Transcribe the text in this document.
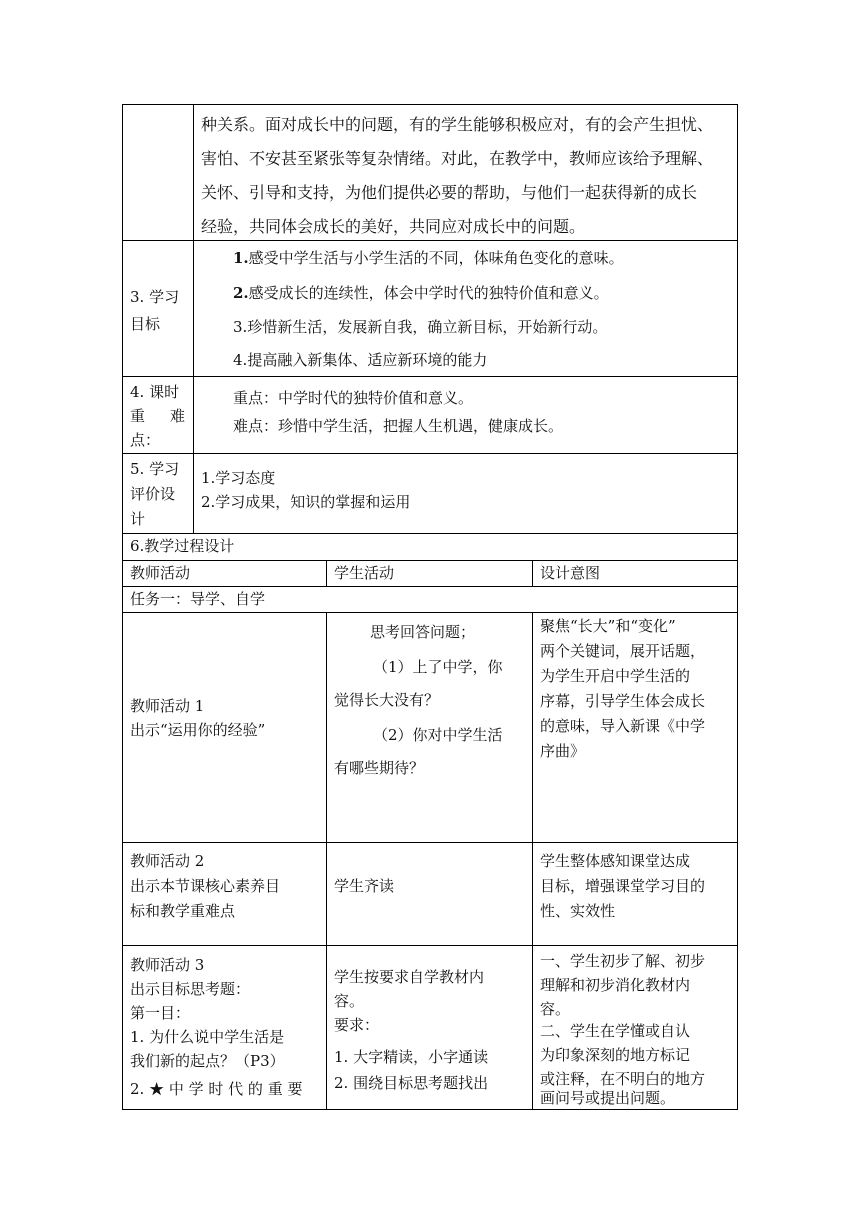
种关系。面对成长中的问题，有的学生能够积极应对，有的会产生担忧、
害怕、不安甚至紧张等复杂情绪。对此，在教学中，教师应该给予理解、
关怀、引导和支持，为他们提供必要的帮助，与他们一起获得新的成长
经验，共同体会成长的美好，共同应对成长中的问题。
3. 学习
目标
1.感受中学生活与小学生活的不同，体味角色变化的意味。
2.感受成长的连续性，体会中学时代的独特价值和意义。
3.珍惜新生活，发展新自我，确立新目标，开始新行动。
4.提高融入新集体、适应新环境的能力
4. 课时
重 难
点：
重点：中学时代的独特价值和意义。
难点：珍惜中学生活，把握人生机遇，健康成长。
5. 学习
评价设
计
1.学习态度
2.学习成果，知识的掌握和运用
6.教学过程设计
教师活动	学生活动	设计意图
任务一：导学、自学
教师活动 1
出示“运用你的经验”
思考回答问题；
（1）上了中学，你
觉得长大没有？
（2）你对中学生活
有哪些期待？
聚焦“长大”和“变化”
两个关键词，展开话题，
为学生开启中学生活的
序幕，引导学生体会成长
的意味，导入新课《中学
序曲》
教师活动 2
出示本节课核心素养目
标和教学重难点
学生齐读
学生整体感知课堂达成
目标，增强课堂学习目的
性、实效性
教师活动 3
出示目标思考题：
第一目：
1. 为什么说中学生活是
我们新的起点？（P3）
2. ★ 中 学 时 代 的 重 要
学生按要求自学教材内
容。
要求：
1. 大字精读，小字通读
2. 围绕目标思考题找出
一、学生初步了解、初步
理解和初步消化教材内
容。
二、学生在学懂或自认
为印象深刻的地方标记
或注释，在不明白的地方
画问号或提出问题。
